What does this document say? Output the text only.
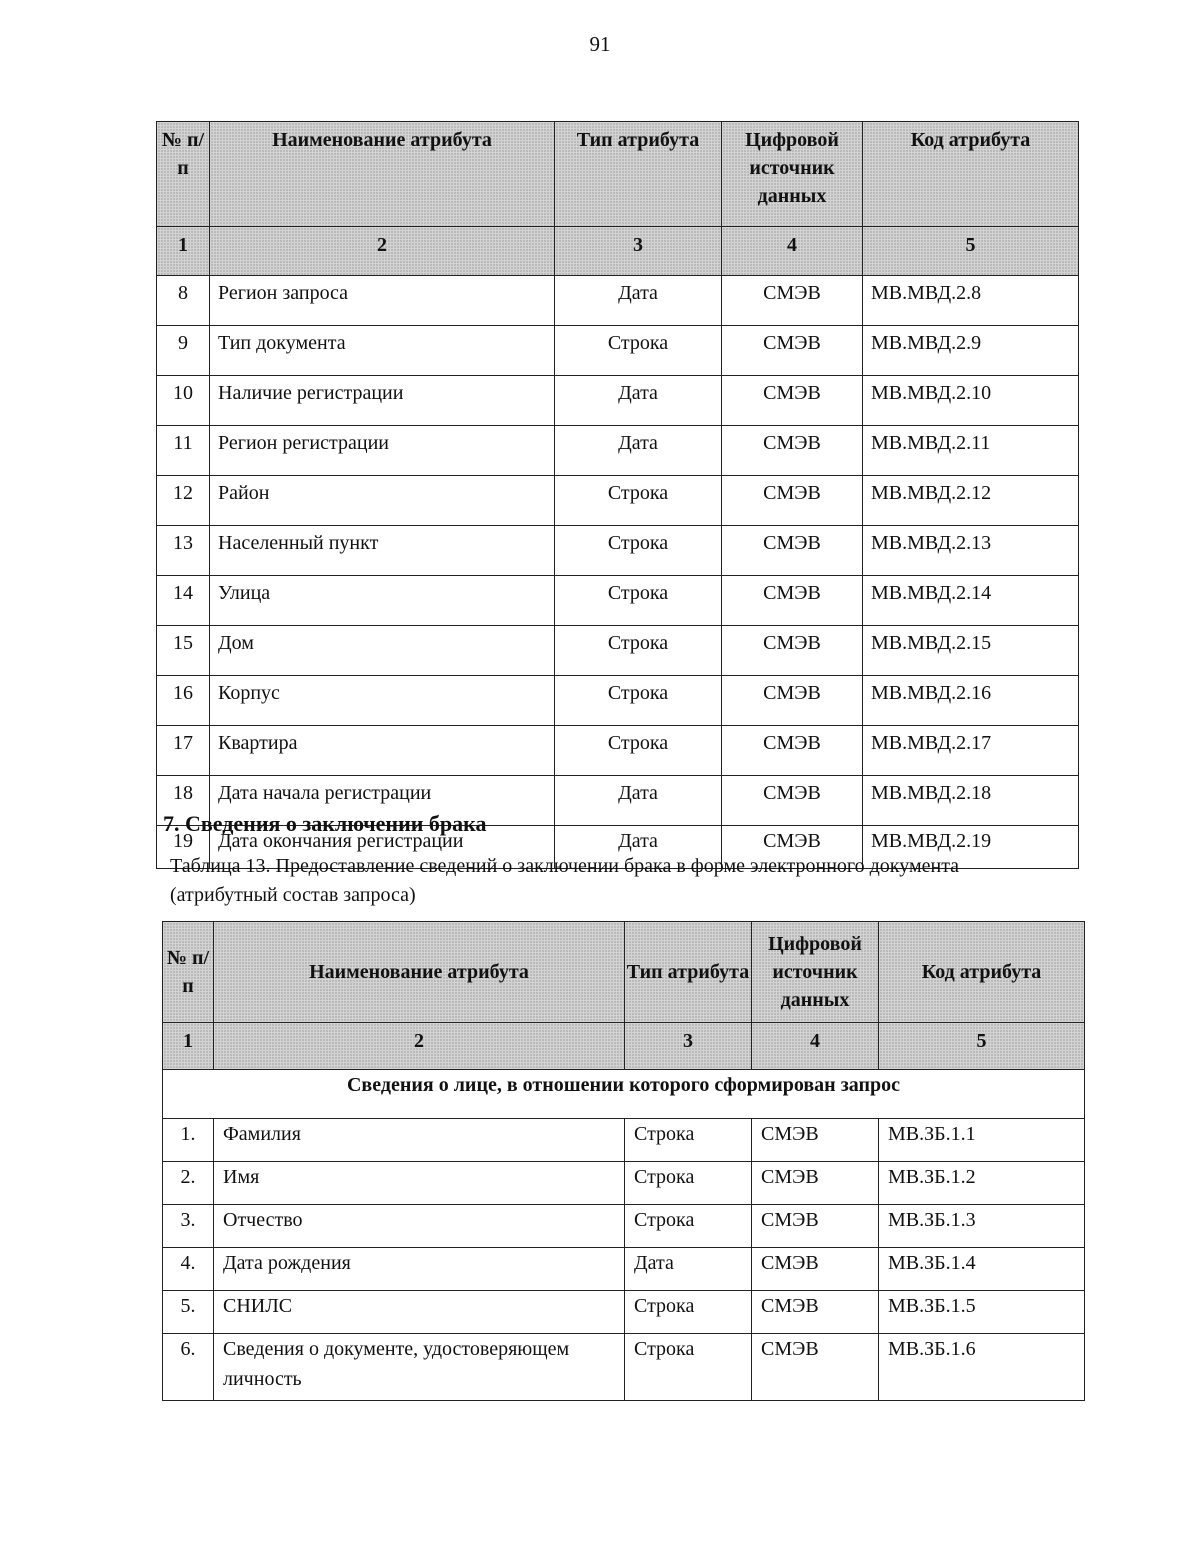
91
№ п/п	Наименование атрибута	Тип атрибута	Цифровой источник данных	Код атрибута
1	2	3	4	5
8	Регион запроса	Дата	СМЭВ	МВ.МВД.2.8
9	Тип документа	Строка	СМЭВ	МВ.МВД.2.9
10	Наличие регистрации	Дата	СМЭВ	МВ.МВД.2.10
11	Регион регистрации	Дата	СМЭВ	МВ.МВД.2.11
12	Район	Строка	СМЭВ	МВ.МВД.2.12
13	Населенный пункт	Строка	СМЭВ	МВ.МВД.2.13
14	Улица	Строка	СМЭВ	МВ.МВД.2.14
15	Дом	Строка	СМЭВ	МВ.МВД.2.15
16	Корпус	Строка	СМЭВ	МВ.МВД.2.16
17	Квартира	Строка	СМЭВ	МВ.МВД.2.17
18	Дата начала регистрации	Дата	СМЭВ	МВ.МВД.2.18
19	Дата окончания регистрации	Дата	СМЭВ	МВ.МВД.2.19
7. Сведения о заключении брака
Таблица 13. Предоставление сведений о заключении брака в форме электронного документа (атрибутный состав запроса)
№ п/п	Наименование атрибута	Тип атрибута	Цифровой источник данных	Код атрибута
1	2	3	4	5
Сведения о лице, в отношении которого сформирован запрос				
1.	Фамилия	Строка	СМЭВ	МВ.ЗБ.1.1
2.	Имя	Строка	СМЭВ	МВ.ЗБ.1.2
3.	Отчество	Строка	СМЭВ	МВ.ЗБ.1.3
4.	Дата рождения	Дата	СМЭВ	МВ.ЗБ.1.4
5.	СНИЛС	Строка	СМЭВ	МВ.ЗБ.1.5
6.	Сведения о документе, удостоверяющем личность	Строка	СМЭВ	МВ.ЗБ.1.6
